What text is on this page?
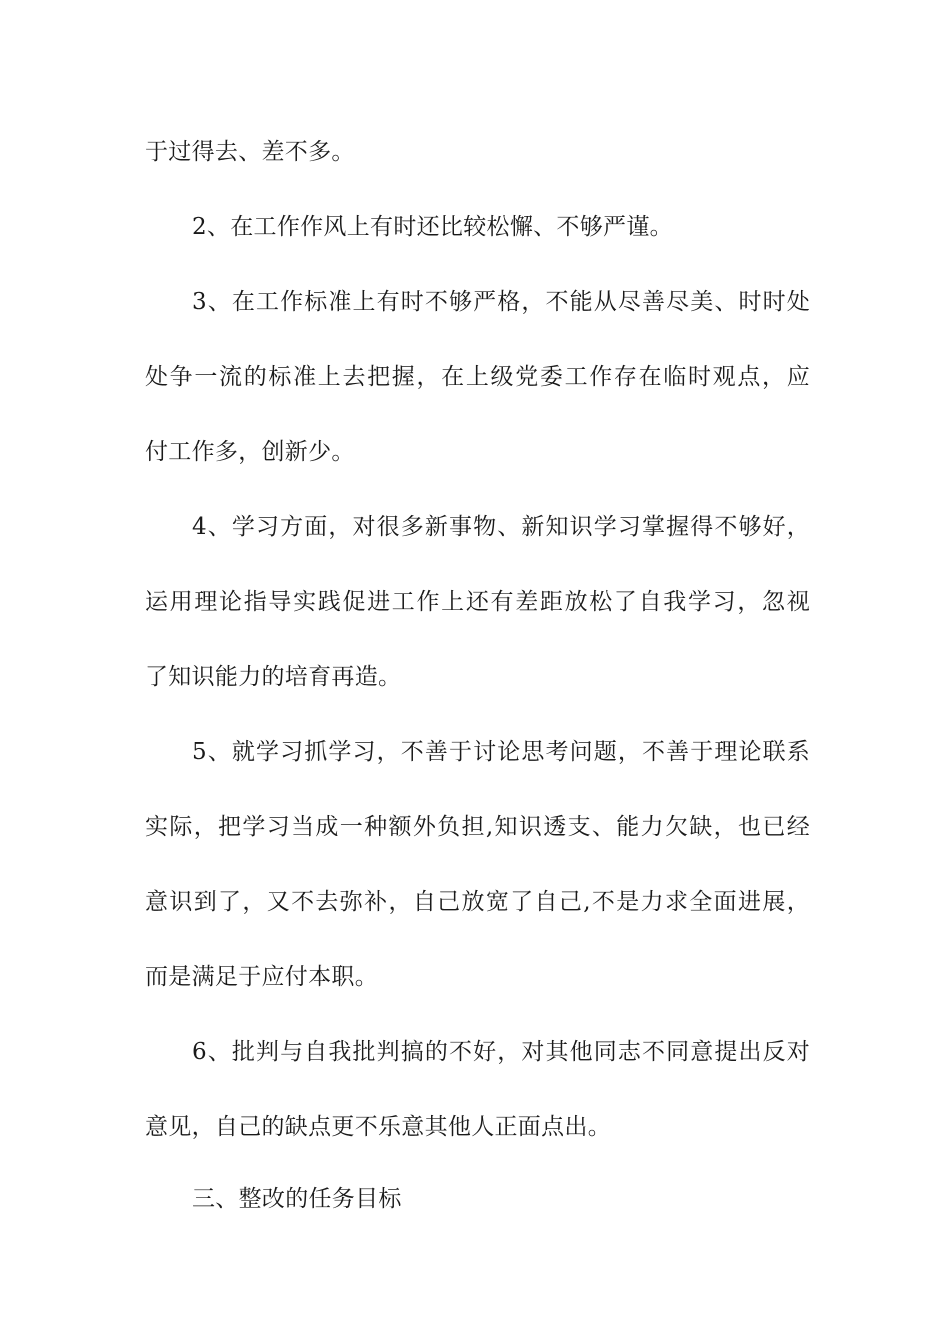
于过得去、差不多。
2、在工作作风上有时还比较松懈、不够严谨。
3、在工作标准上有时不够严格，不能从尽善尽美、时时处
处争一流的标准上去把握，在上级党委工作存在临时观点，应
付工作多，创新少。
4、学习方面，对很多新事物、新知识学习掌握得不够好，
运用理论指导实践促进工作上还有差距放松了自我学习，忽视
了知识能力的培育再造。
5、就学习抓学习，不善于讨论思考问题，不善于理论联系
实际，把学习当成一种额外负担,知识透支、能力欠缺，也已经
意识到了，又不去弥补，自己放宽了自己,不是力求全面进展，
而是满足于应付本职。
6、批判与自我批判搞的不好，对其他同志不同意提出反对
意见，自己的缺点更不乐意其他人正面点出。
三、整改的任务目标
